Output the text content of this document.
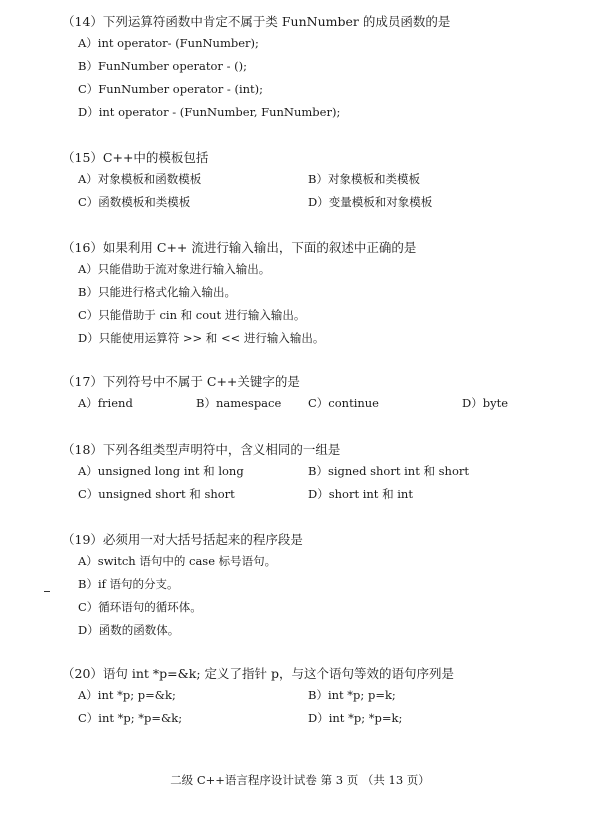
（14）下列运算符函数中肯定不属于类 FunNumber 的成员函数的是
A）int operator- (FunNumber);
B）FunNumber operator - ();
C）FunNumber operator - (int);
D）int operator - (FunNumber, FunNumber);
（15）C++中的模板包括
A）对象模板和函数模板	B）对象模板和类模板
C）函数模板和类模板	D）变量模板和对象模板
（16）如果利用 C++ 流进行输入输出，下面的叙述中正确的是
A）只能借助于流对象进行输入输出。
B）只能进行格式化输入输出。
C）只能借助于 cin 和 cout 进行输入输出。
D）只能使用运算符 >> 和 << 进行输入输出。
（17）下列符号中不属于 C++关键字的是
A）friend	B）namespace C）continue	D）byte
（18）下列各组类型声明符中，含义相同的一组是
A）unsigned long int 和 long	B）signed short int 和 short
C）unsigned short 和 short	D）short int 和 int
（19）必须用一对大括号括起来的程序段是
A）switch 语句中的 case 标号语句。
B）if 语句的分支。
C）循环语句的循环体。
D）函数的函数体。
（20）语句 int *p=&k; 定义了指针 p，与这个语句等效的语句序列是
A）int *p; p=&k;	B）int *p; p=k;
C）int *p; *p=&k;	D）int *p; *p=k;
二级 C++语言程序设计试卷 第 3 页 （共 13 页）
